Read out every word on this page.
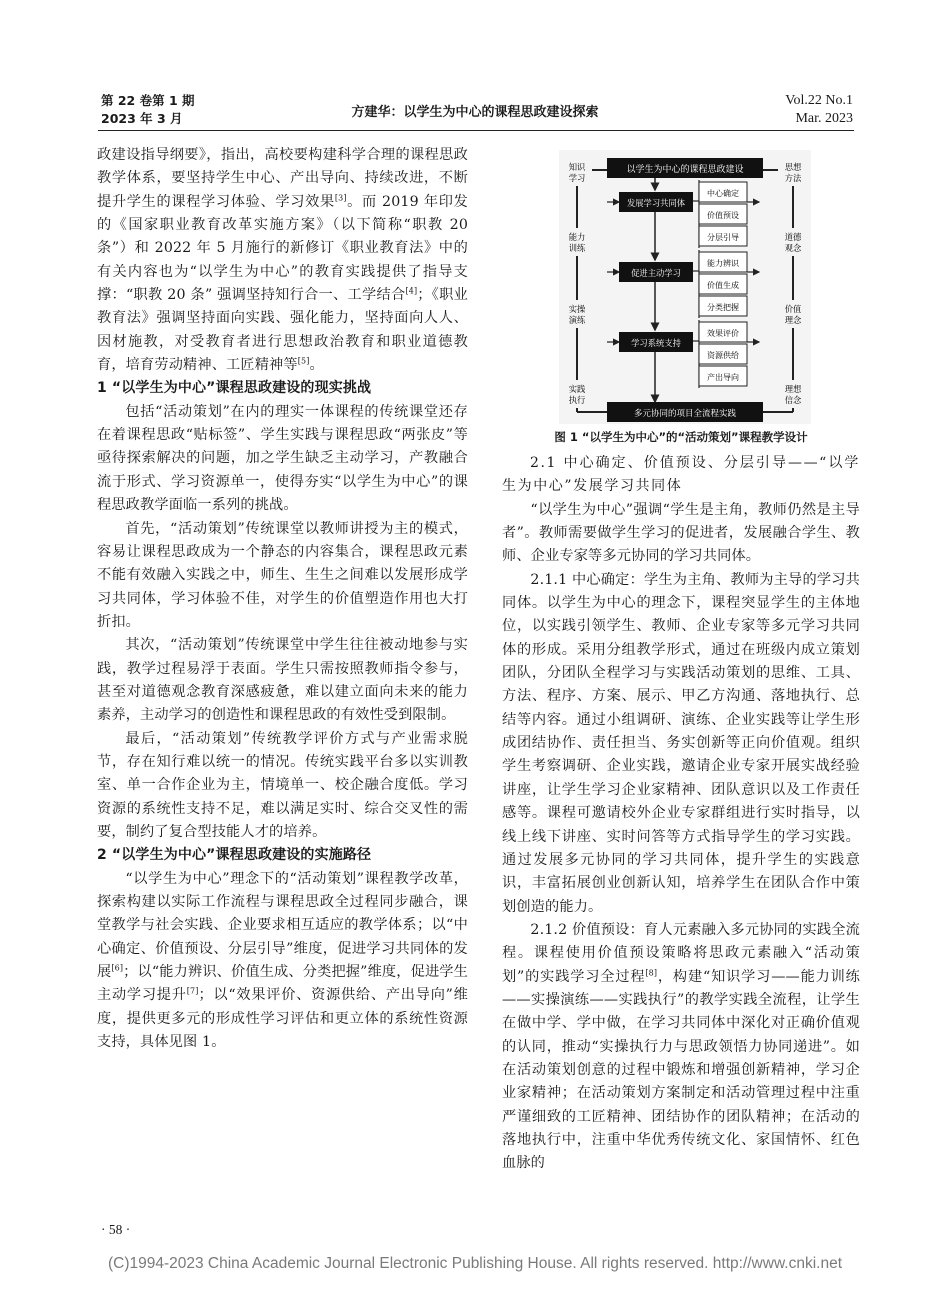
第 22 卷第 1 期
2023 年 3 月	方建华：以学生为中心的课程思政建设探索
Vol.22 No.1
Mar. 2023

政建设指导纲要》，指出，高校要构建科学合理的课程思政教学体系，要坚持学生中心、产出导向、持续改进，不断提升学生的课程学习体验、学习效果[3]。而 2019 年印发的《国家职业教育改革实施方案》（以下简称“职教 20 条”）和 2022 年 5 月施行的新修订《职业教育法》中的有关内容也为“以学生为中心”的教育实践提供了指导支撑：“职教 20 条” 强调坚持知行合一、工学结合[4]；《职业教育法》强调坚持面向实践、强化能力，坚持面向人人、因材施教，对受教育者进行思想政治教育和职业道德教育，培育劳动精神、工匠精神等[5]。

1 “以学生为中心”课程思政建设的现实挑战

包括“活动策划”在内的理实一体课程的传统课堂还存在着课程思政“贴标签”、学生实践与课程思政“两张皮”等亟待探索解决的问题，加之学生缺乏主动学习，产教融合流于形式、学习资源单一，使得夯实“以学生为中心”的课程思政教学面临一系列的挑战。

首先，“活动策划”传统课堂以教师讲授为主的模式，容易让课程思政成为一个静态的内容集合，课程思政元素不能有效融入实践之中，师生、生生之间难以发展形成学习共同体，学习体验不佳，对学生的价值塑造作用也大打折扣。

其次，“活动策划”传统课堂中学生往往被动地参与实践，教学过程易浮于表面。学生只需按照教师指令参与，甚至对道德观念教育深感疲惫，难以建立面向未来的能力素养，主动学习的创造性和课程思政的有效性受到限制。

最后，“活动策划”传统教学评价方式与产业需求脱节，存在知行难以统一的情况。传统实践平台多以实训教室、单一合作企业为主，情境单一、校企融合度低。学习资源的系统性支持不足，难以满足实时、综合交叉性的需要，制约了复合型技能人才的培养。

2 “以学生为中心”课程思政建设的实施路径

“以学生为中心”理念下的“活动策划”课程教学改革，探索构建以实际工作流程与课程思政全过程同步融合，课堂教学与社会实践、企业要求相互适应的教学体系；以“中心确定、价值预设、分层引导”维度，促进学习共同体的发展[6]；以“能力辨识、价值生成、分类把握”维度，促进学生主动学习提升[7]；以“效果评价、资源供给、产出导向”维度，提供更多元的形成性学习评估和更立体的系统性资源支持，具体见图 1。

以学生为中心的课程思政建设
发展学习共同体
中心确定
价值预设
分层引导
促进主动学习
能力辨识
价值生成
分类把握
学习系统支持
效果评价
资源供给
产出导向
多元协同的项目全流程实践
知识学习
能力训练
实操演练
实践执行
思想方法
道德观念
价值理念
理想信念
图 1 “以学生为中心”的“活动策划”课程教学设计
2.1 中心确定、价值预设、分层引导——“以学生为中心”发展学习共同体

“以学生为中心”强调“学生是主角，教师仍然是主导者”。教师需要做学生学习的促进者，发展融合学生、教师、企业专家等多元协同的学习共同体。

2.1.1 中心确定：学生为主角、教师为主导的学习共同体。以学生为中心的理念下，课程突显学生的主体地位，以实践引领学生、教师、企业专家等多元学习共同体的形成。采用分组教学形式，通过在班级内成立策划团队，分团队全程学习与实践活动策划的思维、工具、方法、程序、方案、展示、甲乙方沟通、落地执行、总结等内容。通过小组调研、演练、企业实践等让学生形成团结协作、责任担当、务实创新等正向价值观。组织学生考察调研、企业实践，邀请企业专家开展实战经验讲座，让学生学习企业家精神、团队意识以及工作责任感等。课程可邀请校外企业专家群组进行实时指导，以线上线下讲座、实时问答等方式指导学生的学习实践。通过发展多元协同的学习共同体，提升学生的实践意识，丰富拓展创业创新认知，培养学生在团队合作中策划创造的能力。

2.1.2 价值预设：育人元素融入多元协同的实践全流程。课程使用价值预设策略将思政元素融入“活动策划”的实践学习全过程[8]，构建“知识学习——能力训练——实操演练——实践执行”的教学实践全流程，让学生在做中学、学中做，在学习共同体中深化对正确价值观的认同，推动“实操执行力与思政领悟力协同递进”。如在活动策划创意的过程中锻炼和增强创新精神，学习企业家精神；在活动策划方案制定和活动管理过程中注重严谨细致的工匠精神、团结协作的团队精神；在活动的落地执行中，注重中华优秀传统文化、家国情怀、红色血脉的

· 58 ·
(C)1994-2023 China Academic Journal Electronic Publishing House. All rights reserved. http://www.cnki.net
